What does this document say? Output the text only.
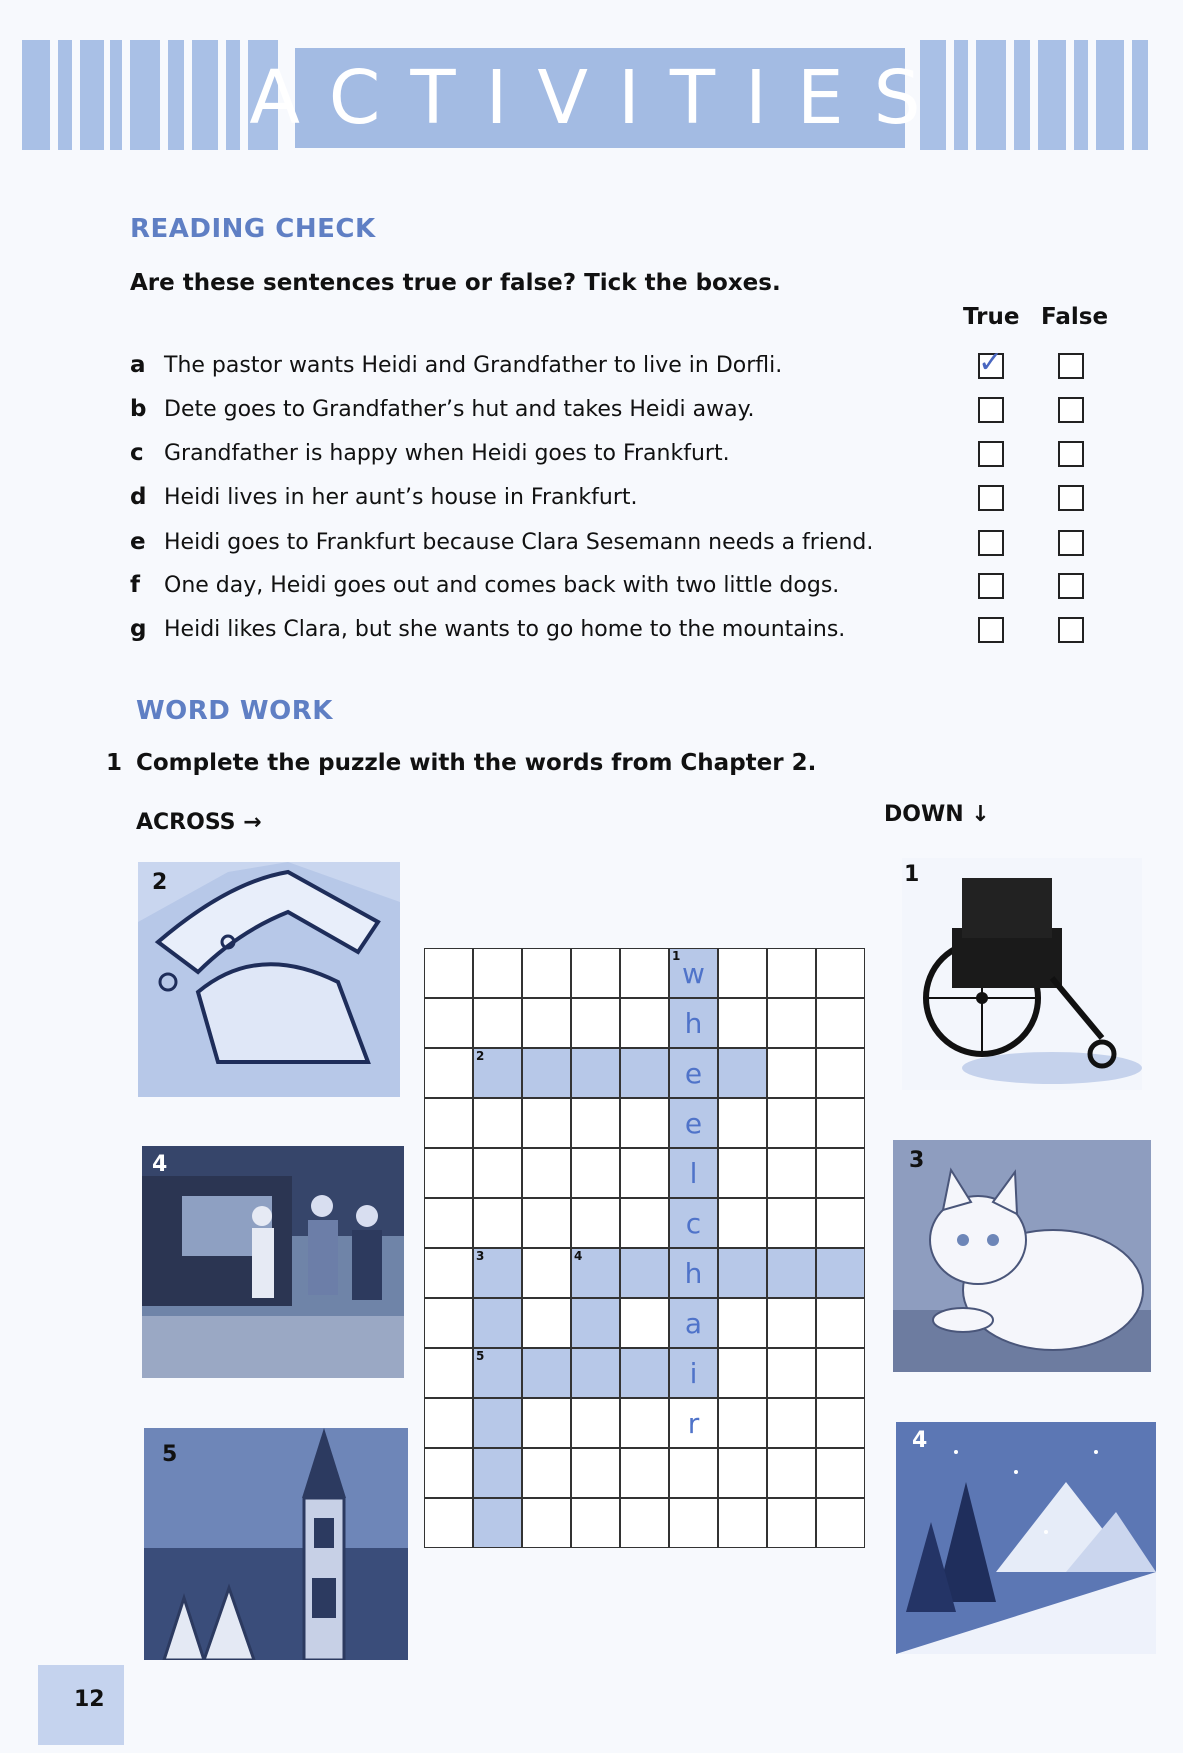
ACTIVITIES
READING CHECK
Are these sentences true or false? Tick the boxes.
True False
a The pastor wants Heidi and Grandfather to live in Dorfli.	✓
b Dete goes to Grandfather’s hut and takes Heidi away.
c Grandfather is happy when Heidi goes to Frankfurt.
d Heidi lives in her aunt’s house in Frankfurt.
e Heidi goes to Frankfurt because Clara Sesemann needs a friend.
f	One day, Heidi goes out and comes back with two little dogs.
g Heidi likes Clara, but she wants to go home to the mountains.
WORD WORK
1 Complete the puzzle with the words from Chapter 2.
ACROSS →	DOWN ↓
2
4
5
1
3
4
1
w
h
2
e
e
l
c
3	4
h
a
5
i
r
12
